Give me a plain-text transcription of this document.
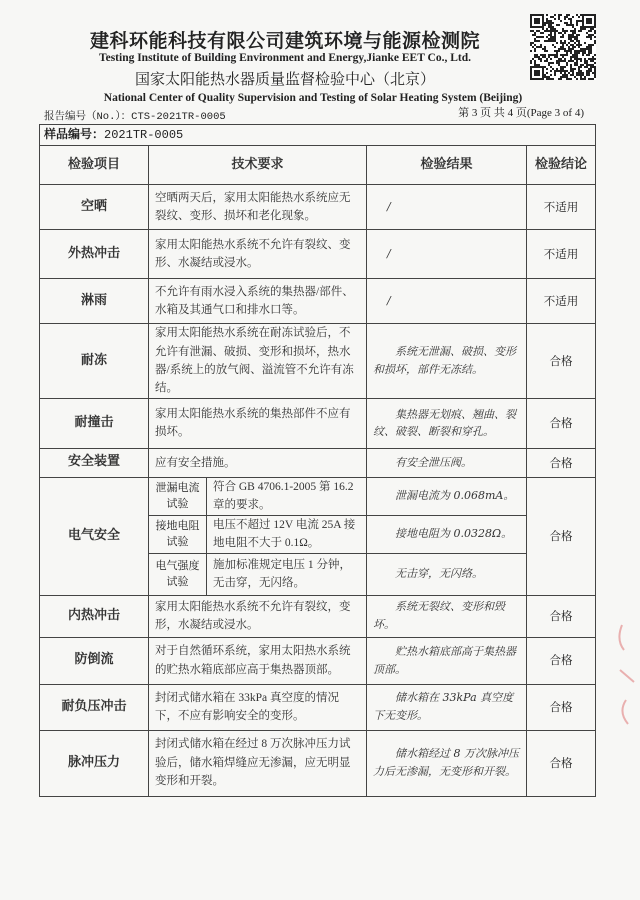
建科环能科技有限公司建筑环境与能源检测院
Testing Institute of Building Environment and Energy,Jianke EET Co., Ltd.
国家太阳能热水器质量监督检验中心（北京）
National Center of Quality Supervision and Testing of Solar Heating System (Beijing)
报告编号（No.）：CTS-2021TR-0005	第 3 页 共 4 页(Page 3 of 4)
样品编号：2021TR-0005				
检验项目	技术要求		检验结果	检验结论
空晒	空晒两天后，家用太阳能热水系统应无裂纹、变形、损坏和老化现象。		/	不适用
外热冲击	家用太阳能热水系统不允许有裂纹、变形、水凝结或浸水。		/	不适用
淋雨	不允许有雨水浸入系统的集热器/部件、水箱及其通气口和排水口等。		/	不适用
耐冻	家用太阳能热水系统在耐冻试验后，不允许有泄漏、破损、变形和损坏，热水器/系统上的放气阀、溢流管不允许有冻结。		系统无泄漏、破损、变形和损坏，部件无冻结。	合格
耐撞击	家用太阳能热水系统的集热部件不应有损坏。		集热器无划痕、翘曲、裂纹、破裂、断裂和穿孔。	合格
安全装置	应有安全措施。		有安全泄压阀。	合格
电气安全	泄漏电流试验	符合 GB 4706.1-2005 第 16.2 章的要求。	泄漏电流为 0.068mA。	合格
	接地电阻试验	电压不超过 12V 电流 25A 接地电阻不大于 0.1Ω。	接地电阻为 0.0328Ω。	
	电气强度试验	施加标准规定电压 1 分钟，无击穿，无闪络。	无击穿，无闪络。	
内热冲击	家用太阳能热水系统不允许有裂纹，变形，水凝结或浸水。		系统无裂纹、变形和毁坏。	合格
防倒流	对于自然循环系统，家用太阳热水系统的贮热水箱底部应高于集热器顶部。		贮热水箱底部高于集热器顶部。	合格
耐负压冲击	封闭式储水箱在 33kPa 真空度的情况下，不应有影响安全的变形。		储水箱在 33kPa 真空度下无变形。	合格
脉冲压力	封闭式储水箱在经过 8 万次脉冲压力试验后，储水箱焊缝应无渗漏，应无明显变形和开裂。		储水箱经过 8 万次脉冲压力后无渗漏，无变形和开裂。	合格
